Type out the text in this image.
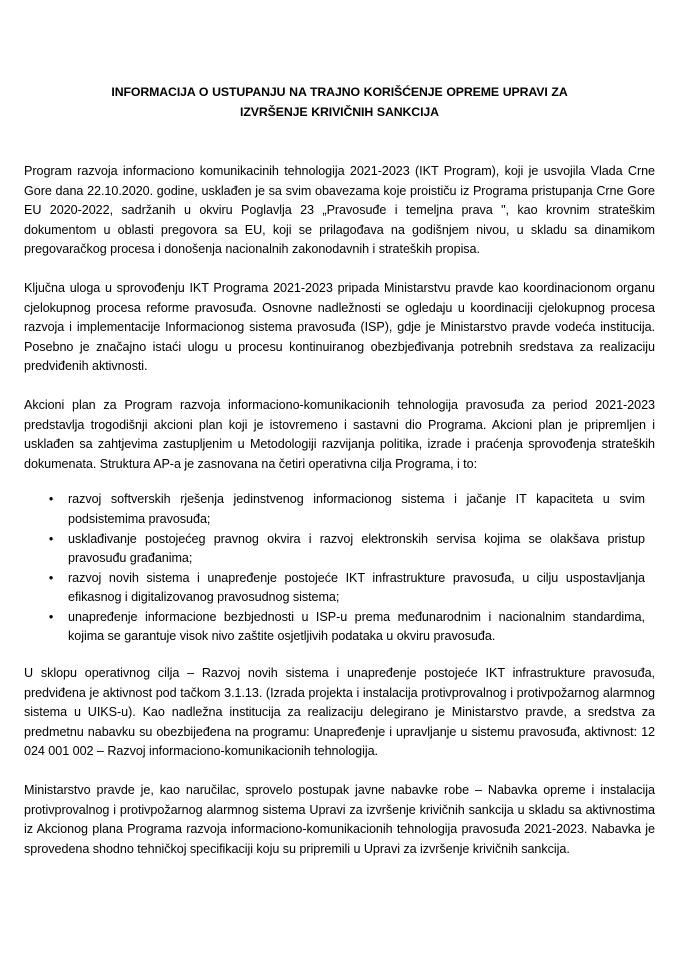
INFORMACIJA O USTUPANJU NA TRAJNO KORIŠĆENJE OPREME UPRAVI ZA
IZVRŠENJE KRIVIČNIH SANKCIJA

Program razvoja informaciono komunikacinih tehnologija 2021-2023 (IKT Program), koji je usvojila Vlada Crne Gore dana 22.10.2020. godine, usklađen je sa svim obavezama koje proističu iz Programa pristupanja Crne Gore EU 2020-2022, sadržanih u okviru Poglavlja 23 „Pravosuđe i temeljna prava ", kao krovnim strateškim dokumentom u oblasti pregovora sa EU, koji se prilagođava na godišnjem nivou, u skladu sa dinamikom pregovaračkog procesa i donošenja nacionalnih zakonodavnih i strateških propisa.

Ključna uloga u sprovođenju IKT Programa 2021-2023 pripada Ministarstvu pravde kao koordinacionom organu cjelokupnog procesa reforme pravosuđa. Osnovne nadležnosti se ogledaju u koordinaciji cjelokupnog procesa razvoja i implementacije Informacionog sistema pravosuđa (ISP), gdje je Ministarstvo pravde vodeća institucija. Posebno je značajno istaći ulogu u procesu kontinuiranog obezbjeđivanja potrebnih sredstava za realizaciju predviđenih aktivnosti.

Akcioni plan za Program razvoja informaciono-komunikacionih tehnologija pravosuđa za period 2021-2023 predstavlja trogodišnji akcioni plan koji je istovremeno i sastavni dio Programa. Akcioni plan je pripremljen i usklađen sa zahtjevima zastupljenim u Metodologiji razvijanja politika, izrade i praćenja sprovođenja strateških dokumenata. Struktura AP-a je zasnovana na četiri operativna cilja Programa, i to:

• razvoj softverskih rješenja jedinstvenog informacionog sistema i jačanje IT kapaciteta u svim podsistemima pravosuđa;
• usklađivanje postojećeg pravnog okvira i razvoj elektronskih servisa kojima se olakšava pristup pravosuđu građanima;
• razvoj novih sistema i unapređenje postojeće IKT infrastrukture pravosuđa, u cilju uspostavljanja efikasnog i digitalizovanog pravosudnog sistema;
• unapređenje informacione bezbjednosti u ISP-u prema međunarodnim i nacionalnim standardima, kojima se garantuje visok nivo zaštite osjetljivih podataka u okviru pravosuđa.

U sklopu operativnog cilja – Razvoj novih sistema i unapređenje postojeće IKT infrastrukture pravosuđa, predviđena je aktivnost pod tačkom 3.1.13. (Izrada projekta i instalacija protivprovalnog i protivpožarnog alarmnog sistema u UIKS-u). Kao nadležna institucija za realizaciju delegirano je Ministarstvo pravde, a sredstva za predmetnu nabavku su obezbijeđena na programu: Unapređenje i upravljanje u sistemu pravosuđa, aktivnost: 12 024 001 002 – Razvoj informaciono-komunikacionih tehnologija.

Ministarstvo pravde je, kao naručilac, sprovelo postupak javne nabavke robe – Nabavka opreme i instalacija protivprovalnog i protivpožarnog alarmnog sistema Upravi za izvršenje krivičnih sankcija u skladu sa aktivnostima iz Akcionog plana Programa razvoja informaciono-komunikacionih tehnologija pravosuđa 2021-2023. Nabavka je sprovedena shodno tehničkoj specifikaciji koju su pripremili u Upravi za izvršenje krivičnih sankcija.
